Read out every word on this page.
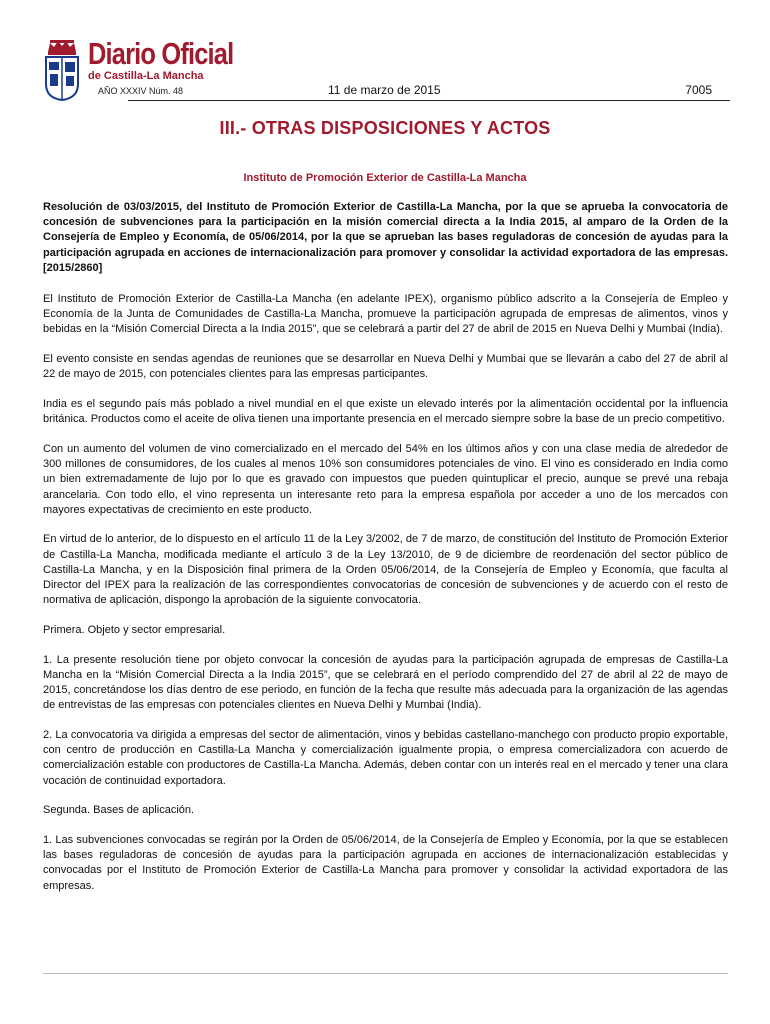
Diario Oficial
de Castilla-La Mancha
AÑO XXXIV Núm. 48	11 de marzo de 2015	7005
III.- OTRAS DISPOSICIONES Y ACTOS
Instituto de Promoción Exterior de Castilla-La Mancha

Resolución de 03/03/2015, del Instituto de Promoción Exterior de Castilla-La Mancha, por la que se aprueba la convocatoria de concesión de subvenciones para la participación en la misión comercial directa a la India 2015, al amparo de la Orden de la Consejería de Empleo y Economía, de 05/06/2014, por la que se aprueban las bases reguladoras de concesión de ayudas para la participación agrupada en acciones de internacionalización para promover y consolidar la actividad exportadora de las empresas. [2015/2860]

El Instituto de Promoción Exterior de Castilla-La Mancha (en adelante IPEX), organismo público adscrito a la Consejería de Empleo y Economía de la Junta de Comunidades de Castilla-La Mancha, promueve la participación agrupada de empresas de alimentos, vinos y bebidas en la “Misión Comercial Directa a la India 2015”, que se celebrará a partir del 27 de abril de 2015 en Nueva Delhi y Mumbai (India).

El evento consiste en sendas agendas de reuniones que se desarrollar en Nueva Delhi y Mumbai que se llevarán a cabo del 27 de abril al 22 de mayo de 2015, con potenciales clientes para las empresas participantes.

India es el segundo país más poblado a nivel mundial en el que existe un elevado interés por la alimentación occidental por la influencia británica. Productos como el aceite de oliva tienen una importante presencia en el mercado siempre sobre la base de un precio competitivo.

Con un aumento del volumen de vino comercializado en el mercado del 54% en los últimos años y con una clase media de alrededor de 300 millones de consumidores, de los cuales al menos 10% son consumidores potenciales de vino. El vino es considerado en India como un bien extremadamente de lujo por lo que es gravado con impuestos que pueden quintuplicar el precio, aunque se prevé una rebaja arancelaria. Con todo ello, el vino representa un interesante reto para la empresa española por acceder a uno de los mercados con mayores expectativas de crecimiento en este producto.

En virtud de lo anterior, de lo dispuesto en el artículo 11 de la Ley 3/2002, de 7 de marzo, de constitución del Instituto de Promoción Exterior de Castilla-La Mancha, modificada mediante el artículo 3 de la Ley 13/2010, de 9 de diciembre de reordenación del sector público de Castilla-La Mancha, y en la Disposición final primera de la Orden 05/06/2014, de la Consejería de Empleo y Economía, que faculta al Director del IPEX para la realización de las correspondientes convocatorias de concesión de subvenciones y de acuerdo con el resto de normativa de aplicación, dispongo la aprobación de la siguiente convocatoria.

Primera. Objeto y sector empresarial.

1. La presente resolución tiene por objeto convocar la concesión de ayudas para la participación agrupada de empresas de Castilla-La Mancha en la “Misión Comercial Directa a la India 2015”, que se celebrará en el período comprendido del 27 de abril al 22 de mayo de 2015, concretándose los días dentro de ese periodo, en función de la fecha que resulte más adecuada para la organización de las agendas de entrevistas de las empresas con potenciales clientes en Nueva Delhi y Mumbai (India).

2. La convocatoria va dirigida a empresas del sector de alimentación, vinos y bebidas castellano-manchego con producto propio exportable, con centro de producción en Castilla-La Mancha y comercialización igualmente propia, o empresa comercializadora con acuerdo de comercialización estable con productores de Castilla-La Mancha. Además, deben contar con un interés real en el mercado y tener una clara vocación de continuidad exportadora.

Segunda. Bases de aplicación.

1. Las subvenciones convocadas se regirán por la Orden de 05/06/2014, de la Consejería de Empleo y Economía, por la que se establecen las bases reguladoras de concesión de ayudas para la participación agrupada en acciones de internacionalización establecidas y convocadas por el Instituto de Promoción Exterior de Castilla-La Mancha para promover y consolidar la actividad exportadora de las empresas.
